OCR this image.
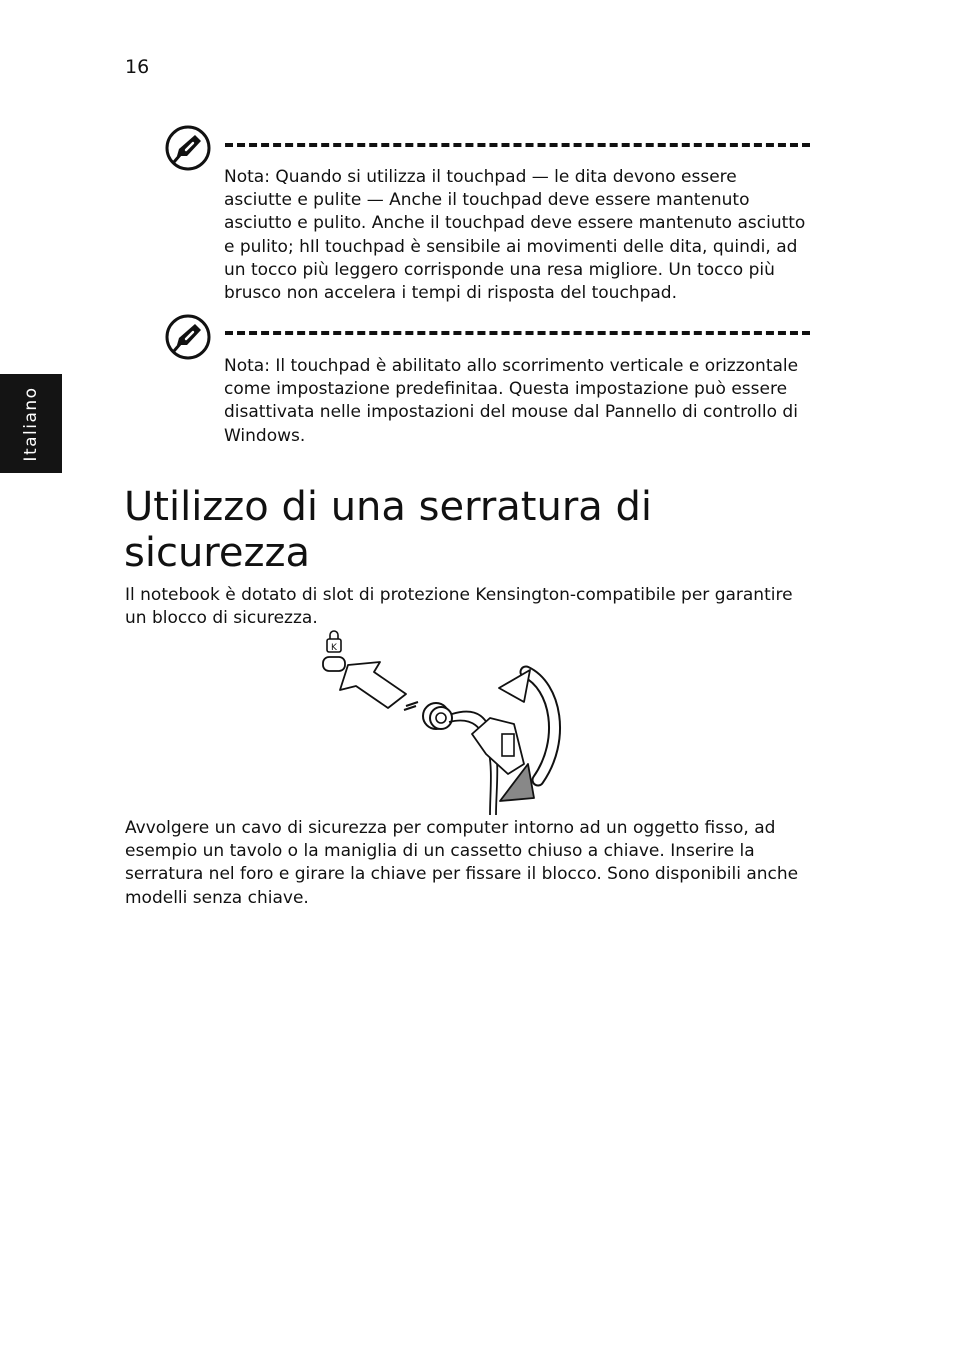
16
Italiano
Nota: Quando si utilizza il touchpad — le dita devono essere asciutte e pulite — Anche il touchpad deve essere mantenuto asciutto e pulito. Anche il touchpad deve essere mantenuto asciutto e pulito; hIl touchpad è sensibile ai movimenti delle dita, quindi, ad un tocco più leggero corrisponde una resa migliore. Un tocco più brusco non accelera i tempi di risposta del touchpad.
Nota: Il touchpad è abilitato allo scorrimento verticale e orizzontale come impostazione predefinitaa. Questa impostazione può essere disattivata nelle impostazioni del mouse dal Pannello di controllo di Windows.
Utilizzo di una serratura di sicurezza

Il notebook è dotato di slot di protezione Kensington-compatibile per garantire un blocco di sicurezza.

K

Avvolgere un cavo di sicurezza per computer intorno ad un oggetto fisso, ad esempio un tavolo o la maniglia di un cassetto chiuso a chiave. Inserire la serratura nel foro e girare la chiave per fissare il blocco. Sono disponibili anche modelli senza chiave.
